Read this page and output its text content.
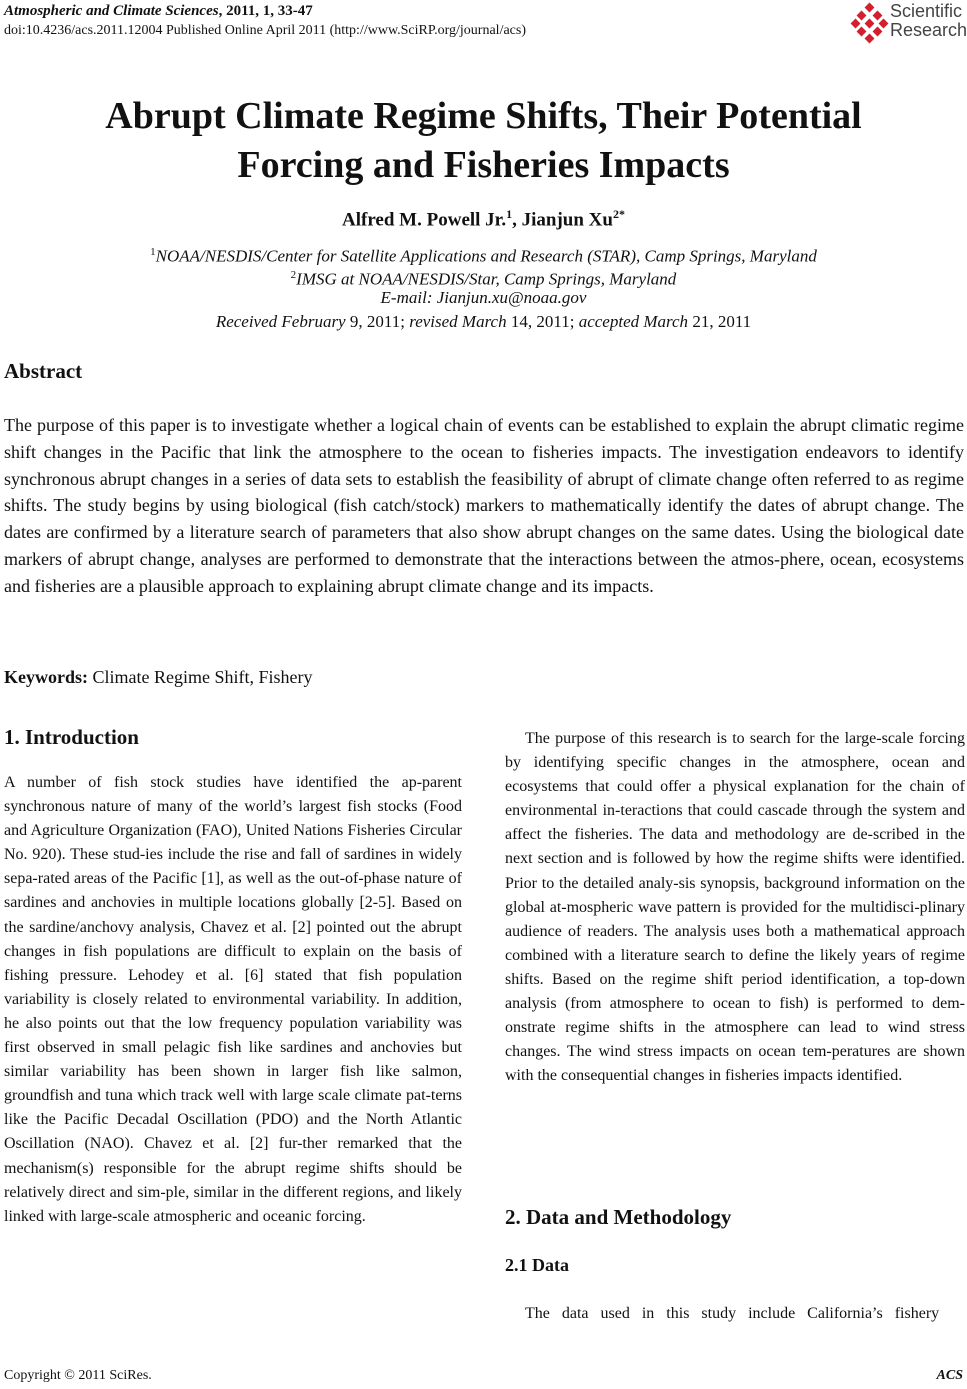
Atmospheric and Climate Sciences, 2011, 1, 33-47
doi:10.4236/acs.2011.12004 Published Online April 2011 (http://www.SciRP.org/journal/acs)
Scientific
Research
Abrupt Climate Regime Shifts, Their Potential
Forcing and Fisheries Impacts
Alfred M. Powell Jr.$^1$, Jianjun $Xu^{2*}$
$^1$NOAA/NESDIS/Center for Satellite Applications and Research (STAR), Camp Springs, Maryland
$^2$IMSG at NOAA/NESDIS/Star, Camp Springs, Maryland
E-mail: Jianjun.xu@noaa.gov
Received February 9, 2011; revised March 14, 2011; accepted March 21, 2011
Abstract
The purpose of this paper is to investigate whether a logical chain of events can be established to explain the abrupt climatic regime shift changes in the Pacific that link the atmosphere to the ocean to fisheries impacts. The investigation endeavors to identify synchronous abrupt changes in a series of data sets to establish the feasibility of abrupt of climate change often referred to as regime shifts. The study begins by using biological (fish catch/stock) markers to mathematically identify the dates of abrupt change. The dates are confirmed by a literature search of parameters that also show abrupt changes on the same dates. Using the biological date markers of abrupt change, analyses are performed to demonstrate that the interactions between the atmos-phere, ocean, ecosystems and fisheries are a plausible approach to explaining abrupt climate change and its impacts.
Keywords: Climate Regime Shift, Fishery
1. Introduction

A number of fish stock studies have identified the ap-parent synchronous nature of many of the world’s largest fish stocks (Food and Agriculture Organization (FAO), United Nations Fisheries Circular No. 920). These stud-ies include the rise and fall of sardines in widely sepa-rated areas of the Pacific [1], as well as the out-of-phase nature of sardines and anchovies in multiple locations globally [2-5]. Based on the sardine/anchovy analysis, Chavez et al. [2] pointed out the abrupt changes in fish populations are difficult to explain on the basis of fishing pressure. Lehodey et al. [6] stated that fish population variability is closely related to environmental variability. In addition, he also points out that the low frequency population variability was first observed in small pelagic fish like sardines and anchovies but similar variability has been shown in larger fish like salmon, groundfish and tuna which track well with large scale climate pat-terns like the Pacific Decadal Oscillation (PDO) and the North Atlantic Oscillation (NAO). Chavez et al. [2] fur-ther remarked that the mechanism(s) responsible for the abrupt regime shifts should be relatively direct and sim-ple, similar in the different regions, and likely linked with large-scale atmospheric and oceanic forcing.

The purpose of this research is to search for the large-scale forcing by identifying specific changes in the atmosphere, ocean and ecosystems that could offer a physical explanation for the chain of environmental in-teractions that could cascade through the system and affect the fisheries. The data and methodology are de-scribed in the next section and is followed by how the regime shifts were identified. Prior to the detailed analy-sis synopsis, background information on the global at-mospheric wave pattern is provided for the multidisci-plinary audience of readers. The analysis uses both a mathematical approach combined with a literature search to define the likely years of regime shifts. Based on the regime shift period identification, a top-down analysis (from atmosphere to ocean to fish) is performed to dem-onstrate regime shifts in the atmosphere can lead to wind stress changes. The wind stress impacts on ocean tem-peratures are shown with the consequential changes in fisheries impacts identified.

2. Data and Methodology
2.1 Data

The data used in this study include California’s fishery

Copyright © 2011 SciRes.	ACS
